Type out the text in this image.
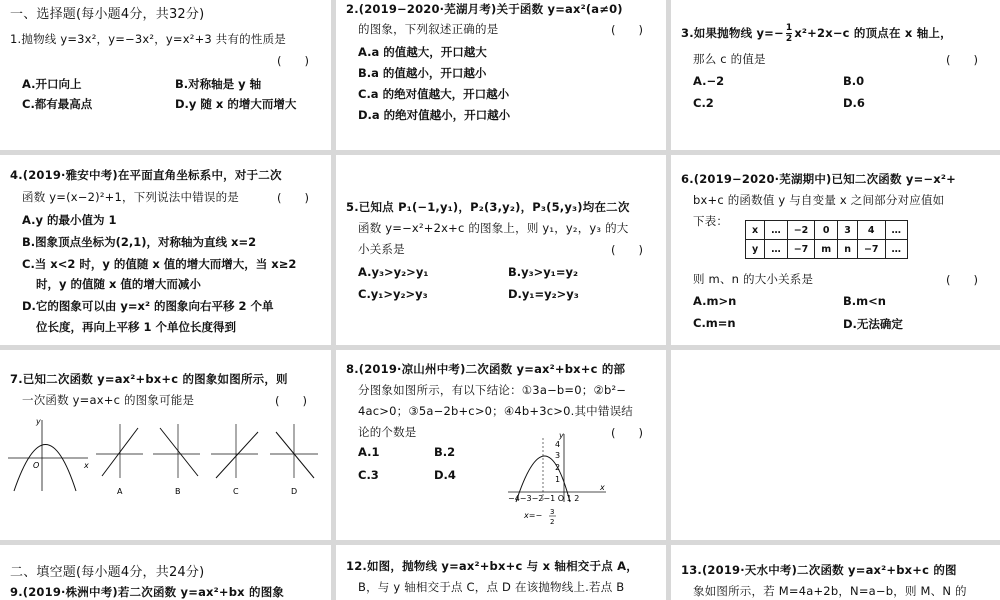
一、选择题(每小题4分，共32分)
1.抛物线 y=3x²，y=−3x²，y=x²+3 共有的性质是
(　　)
A.开口向上	B.对称轴是 y 轴
C.都有最高点	D.y 随 x 的增大而增大
2.(2019−2020·芜湖月考)关于函数 y=ax²(a≠0)
的图象，下列叙述正确的是	(　　)
A.a 的值越大，开口越大
B.a 的值越小，开口越小
C.a 的绝对值越大，开口越小
D.a 的绝对值越小，开口越小
3.如果抛物线 $y=- \frac{1}{2} x^2+2x-c$ 的顶点在 x 轴上，
那么 c 的值是	(　　)
A.−2	B.0
C.2	D.6
4.(2019·雅安中考)在平面直角坐标系中，对于二次
函数 y=(x−2)²+1，下列说法中错误的是	(　　)
A.y 的最小值为 1
B.图象顶点坐标为(2,1)，对称轴为直线 x=2
C.当 x<2 时，y 的值随 x 值的增大而增大，当 x≥2
时，y 的值随 x 值的增大而减小
D.它的图象可以由 y=x² 的图象向右平移 2 个单
位长度，再向上平移 1 个单位长度得到
5.已知点 P₁(−1,y₁)，P₂(3,y₂)，P₃(5,y₃)均在二次
函数 y=−x²+2x+c 的图象上，则 y₁，y₂，y₃ 的大
小关系是	(　　)
A.y₃>y₂>y₁	B.y₃>y₁=y₂
C.y₁>y₂>y₃	D.y₁=y₂>y₃
6.(2019−2020·芜湖期中)已知二次函数 y=−x²+
bx+c 的函数值 y 与自变量 x 之间部分对应值如
下表：
x	…	−2	0	3	4	…
y	…	−7	m	n	−7	…
则 m、n 的大小关系是	(　　)
A.m>n	B.m<n
C.m=n	D.无法确定
7.已知二次函数 y=ax²+bx+c 的图象如图所示，则
一次函数 y=ax+c 的图象可能是	(　　)
y
x
O
A	B	C	D
8.(2019·凉山州中考)二次函数 y=ax²+bx+c 的部
分图象如图所示，有以下结论：①3a−b=0；②b²−
4ac>0；③5a−2b+c>0；④4b+3c>0.其中错误结
论的个数是	(　　)
A.1	B.2
C.3	D.4
4
3
2
1
y
x
−4−3−2−1 O 1 2
x=− 3
2
二、填空题(每小题4分，共24分)
9.(2019·株洲中考)若二次函数 y=ax²+bx 的图象
12.如图，抛物线 y=ax²+bx+c 与 x 轴相交于点 A，
B，与 y 轴相交于点 C，点 D 在该抛物线上.若点 B
13.(2019·天水中考)二次函数 y=ax²+bx+c 的图
象如图所示，若 M=4a+2b，N=a−b，则 M、N 的
